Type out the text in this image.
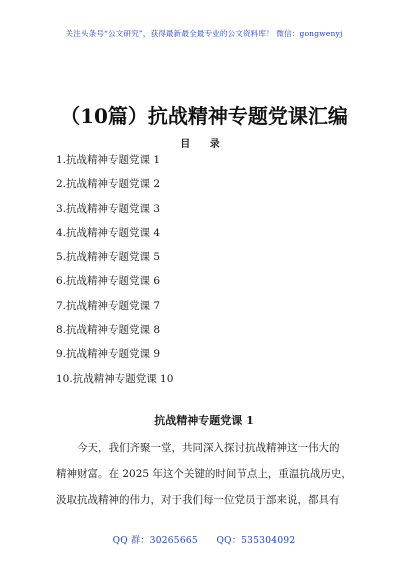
关注头条号“公文研究”，获得最新最全最专业的公文资料库！ 微信：gongwenyj
（10篇）抗战精神专题党课汇编
目 录
1.抗战精神专题党课 1
2.抗战精神专题党课 2
3.抗战精神专题党课 3
4.抗战精神专题党课 4
5.抗战精神专题党课 5
6.抗战精神专题党课 6
7.抗战精神专题党课 7
8.抗战精神专题党课 8
9.抗战精神专题党课 9
10.抗战精神专题党课 10
抗战精神专题党课 1

今天，我们齐聚一堂，共同深入探讨抗战精神这一伟大的

精神财富。在 2025 年这个关键的时间节点上，重温抗战历史，

汲取抗战精神的伟力，对于我们每一位党员于部来说，都具有

QQ 群：30265665　　QQ：535304092
